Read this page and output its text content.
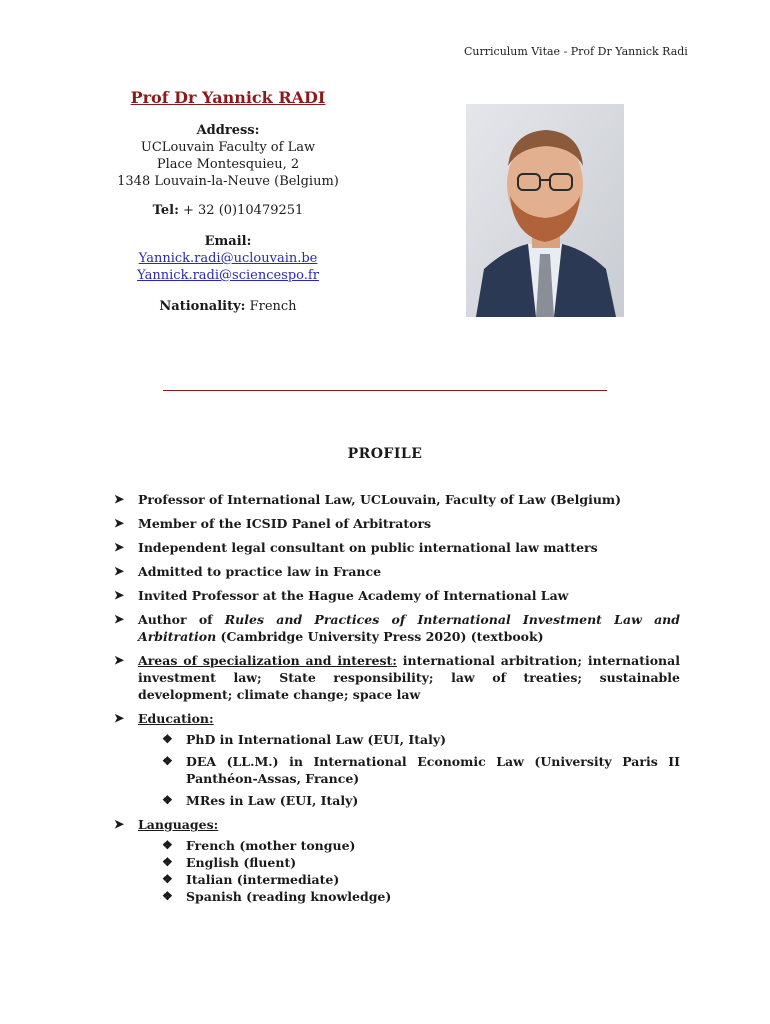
Curriculum Vitae - Prof Dr Yannick Radi
Prof Dr Yannick RADI
Address:
UCLouvain Faculty of Law
Place Montesquieu, 2
1348 Louvain-la-Neuve (Belgium)
Tel: + 32 (0)10479251
Email:
Yannick.radi@uclouvain.be
Yannick.radi@sciencespo.fr
Nationality: French
PROFILE
➤ Professor of International Law, UCLouvain, Faculty of Law (Belgium)
➤ Member of the ICSID Panel of Arbitrators
➤ Independent legal consultant on public international law matters
➤ Admitted to practice law in France
➤ Invited Professor at the Hague Academy of International Law
➤ Author of Rules and Practices of International Investment Law and Arbitration (Cambridge University Press 2020) (textbook)
➤ Areas of specialization and interest: international arbitration; international investment law; State responsibility; law of treaties; sustainable development; climate change; space law
➤ Education:
❖ PhD in International Law (EUI, Italy)
❖ DEA (LL.M.) in International Economic Law (University Paris II Panthéon-Assas, France)
❖ MRes in Law (EUI, Italy)
➤ Languages:
❖ French (mother tongue)
❖ English (fluent)
❖ Italian (intermediate)
❖ Spanish (reading knowledge)
